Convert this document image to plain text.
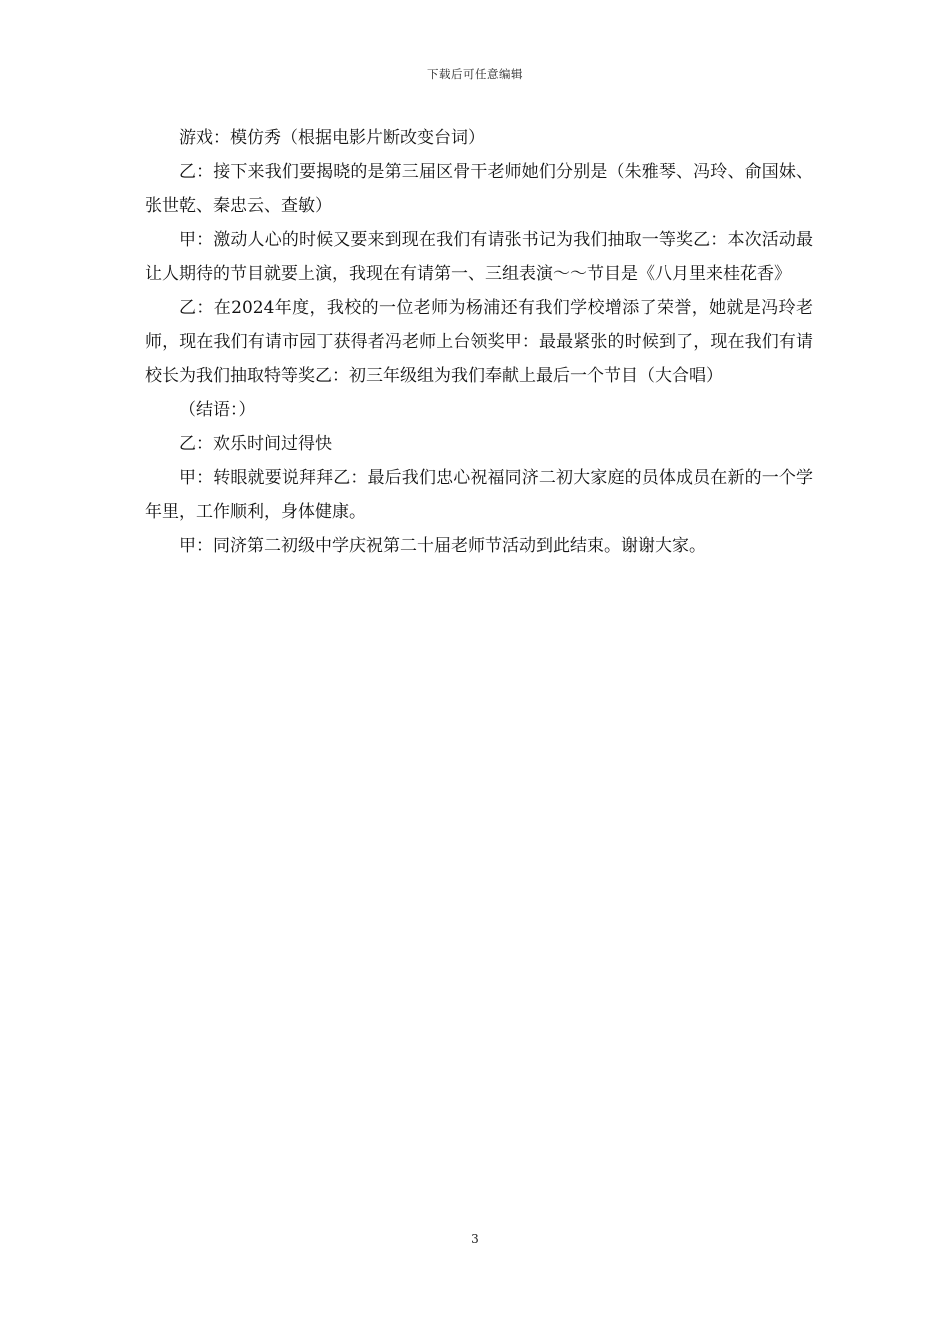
下载后可任意编辑

游戏：模仿秀（根据电影片断改变台词）

乙：接下来我们要揭晓的是第三届区骨干老师她们分别是（朱雅琴、冯玲、俞国妹、张世乾、秦忠云、查敏）

甲：激动人心的时候又要来到现在我们有请张书记为我们抽取一等奖乙：本次活动最让人期待的节目就要上演，我现在有请第一、三组表演～～节目是《八月里来桂花香》

乙：在2024年度，我校的一位老师为杨浦还有我们学校增添了荣誉，她就是冯玲老师，现在我们有请市园丁获得者冯老师上台领奖甲：最最紧张的时候到了，现在我们有请校长为我们抽取特等奖乙：初三年级组为我们奉献上最后一个节目（大合唱）

（结语：）

乙：欢乐时间过得快

甲：转眼就要说拜拜乙：最后我们忠心祝福同济二初大家庭的员体成员在新的一个学年里，工作顺利，身体健康。

甲：同济第二初级中学庆祝第二十届老师节活动到此结束。谢谢大家。

3
